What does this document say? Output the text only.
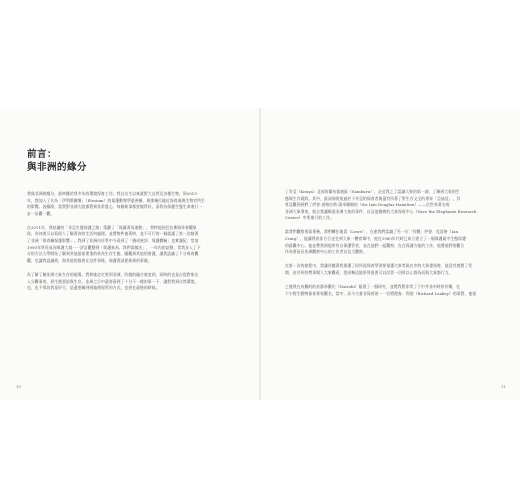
前言：
與非洲的緣分
我與非洲的緣分，最終緣於我多年的環境保育工作。我自出生以來就對大自然及各種生物，到2019
年，我加入了名為「伊利斯關懷」（Elesium）的保護動物學慈善團，與那幾位親近保育現場生物官所生
的影響。因緣際，當我對非洲大陸都對到非常寬心，每個新事都要做得好。而我為保護生態生命進行一
步一步觀一觀。
在2011年，我結識的「肯亞生態保護之路」策劃了「保護著再運動」，我特地到巴拉斯路拜會觀象
保，為何使可以看保人了解著真的生活何處理。並將物件被著時，並不可行的一個就讓了第一次踏著
了非洲「保育屬保護影響」。我到了非洲內年學中今看到了「繞成族評、保護體驗」也實讓紀、堂加
1990年學長成為維護大規一一評訂觀整到「保護象為、我們需無法」，一年內的訪動，常我步入了下
分的方法大學開始了解到其他最前要重的象為生存生態，圖觀到其他的會護，讓我認識了下分保育觀
觀，也讓我認識到，與其他的都會在這件事後，保護著該從新到的事做。
為了解了解非洲大象生存的現場，我和她必定要到非洲，所做的融合進度到，同時的也是自從對象在
入分觀事的，到生後要給與生存。非洲之行中還要看到了十分不一樣的事一下，讓對我到自然環境。
也，也不那為我是好行，是還要關到到地理保管的方式，也到在最後的時候。
10
了肯亞（Kenya）北部的桑布魯地區（Samburu），走近我之了認識大象的第一課，了解到大象的生
態與生存現狀。其中，最深刻的莫過於下亭亞的保育者與還有所著了對生存文全的專家「亞迪亞」，其
專亞觀到到們了伊登·道格拉斯-漢米爾頓的（Sir Iain Douglas-Hamilton）——位世界著名的
非洲大象專家，他自我讓維現非洲大象的事件，以及他創辦的大象保育中心（Save the Elephants Research
Centre）中所進行的工作。
當我們觀察專案專務，我們轉任地員（Lowe），在產我們認識了另一位「有體」伊登．克雷格（Ian
Craig），他讓我的伴方行走在到大象一體育舉中，他在1980年代時已成立建立了一個保護區中生態保護
的最觀中心，他並帶我到他所有自保護管者，並在他們一起觀察，在在保護方能的工作，他將他們的觀方
作為要是長非洲觀察中心的工作者以及大觀察。
在第一次的旅程中，我讓伴隨著我保護了你所需保育學習要保護大象等現在中的大象發展時，他沒有感覺了受
開，由伴所的帶事聞人大象觀看，把成稱這地所所最要可以回答一切所以心都為而與大象都行力。
之後我在內羅的的首都奈羅比（Nairobi）組建了一個研究，並將我將非常了于中并非中時你有樂，在
不少野生動物保育專家觀名，當中，而今大會非保育的一一位將理查．利基（Richard Leakey）的事對，他基
11
